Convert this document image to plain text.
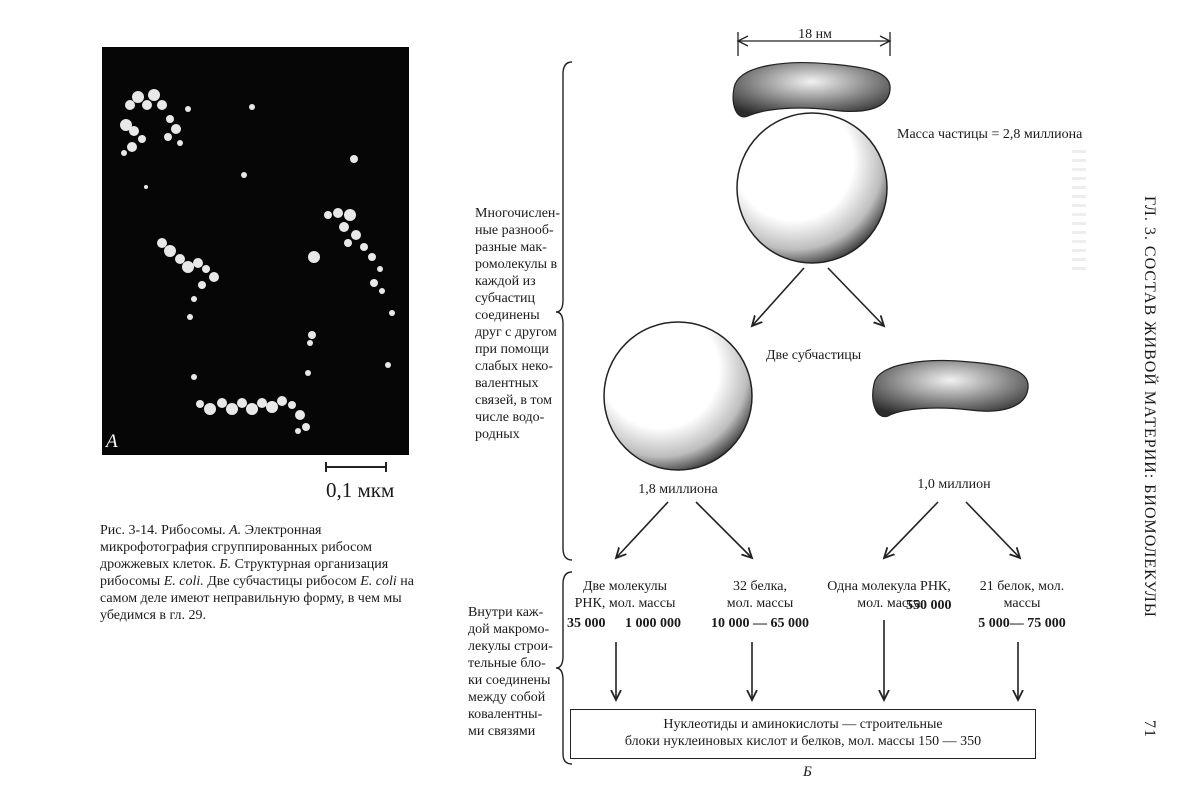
А
0,1 мкм

Рис. 3-14. Рибосомы. А. Электронная микрофотография сгруппированных рибосом дрожжевых клеток. Б. Структурная организация рибосомы E. coli. Две субчастицы рибосом E. coli на самом деле имеют неправильную форму, в чем мы убедимся в гл. 29.

18 нм
Масса частицы = 2,8 миллиона
Две субчастицы
1,8 миллиона	1,0 миллион
Многочислен-
ные разнооб-
разные мак-
ромолекулы в
каждой из
субчастиц
соединены
друг с другом
при помощи
слабых неко-
валентных
связей, в том
числе водо-
родных
Внутри каж-
дой макромо-
лекулы строи-
тельные бло-
ки соединены
между собой
ковалентны-
ми связями
Две молекулы
РНК, мол. массы
35 000 1 000 000
32 белка,
мол. массы
10 000 — 65 000
Одна молекула РНК,
мол. масса
550 000
21 белок, мол.
массы
5 000— 75 000
Нуклеотиды и аминокислоты — строительные
блоки нуклеиновых кислот и белков, мол. массы 150 — 350
Б
ГЛ. 3. СОСТАВ ЖИВОЙ МАТЕРИИ: БИОМОЛЕКУЛЫ
71
